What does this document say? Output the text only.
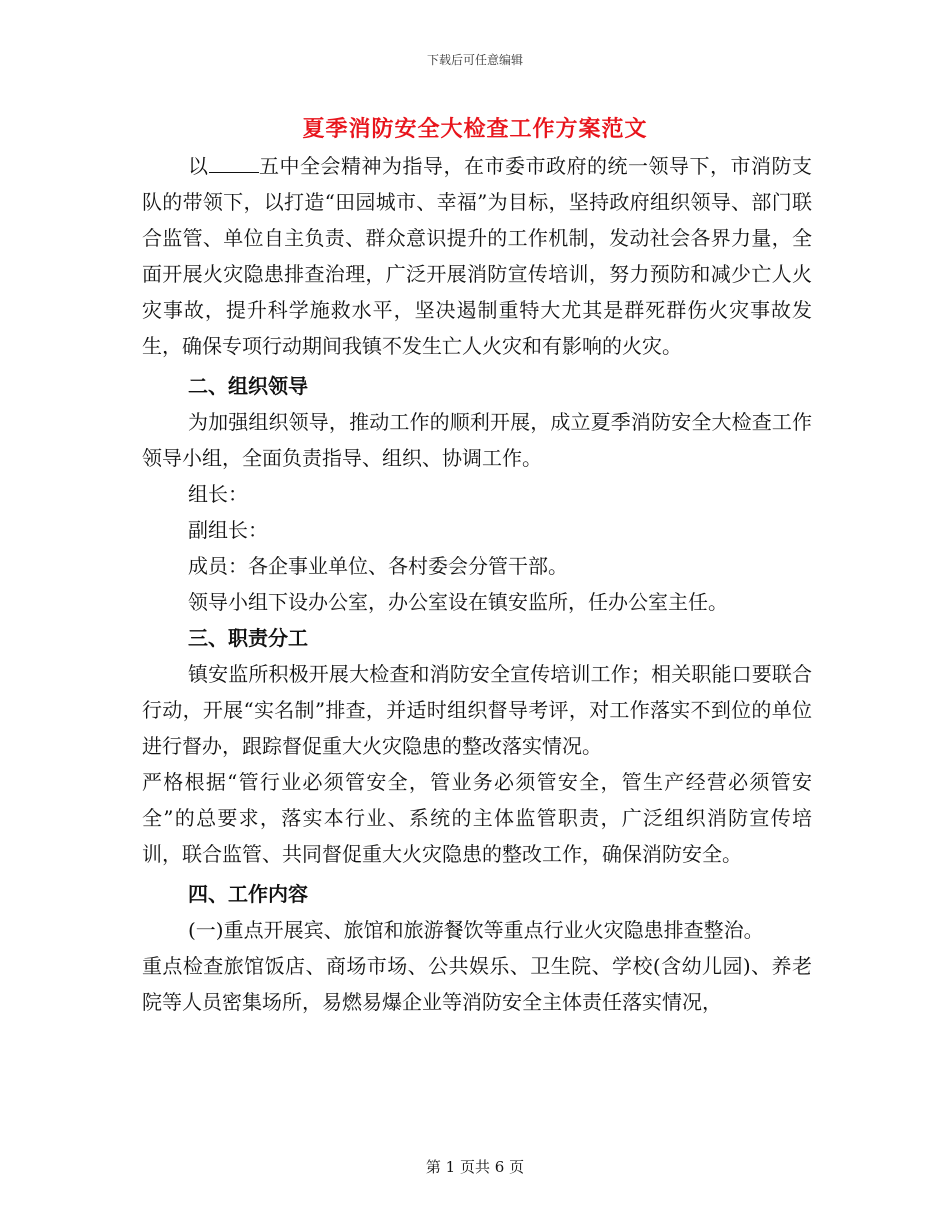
下载后可任意编辑
夏季消防安全大检查工作方案范文

以	五中全会精神为指导，在市委市政府的统一领导下，市消防支队的带领下，以打造“田园城市、幸福”为目标，坚持政府组织领导、部门联合监管、单位自主负责、群众意识提升的工作机制，发动社会各界力量，全面开展火灾隐患排查治理，广泛开展消防宣传培训，努力预防和减少亡人火灾事故，提升科学施救水平，坚决遏制重特大尤其是群死群伤火灾事故发生，确保专项行动期间我镇不发生亡人火灾和有影响的火灾。

二、组织领导

为加强组织领导，推动工作的顺利开展，成立夏季消防安全大检查工作领导小组，全面负责指导、组织、协调工作。

组长：

副组长：

成员：各企事业单位、各村委会分管干部。

领导小组下设办公室，办公室设在镇安监所，任办公室主任。

三、职责分工

镇安监所积极开展大检查和消防安全宣传培训工作；相关职能口要联合行动，开展“实名制”排查，并适时组织督导考评，对工作落实不到位的单位进行督办，跟踪督促重大火灾隐患的整改落实情况。

严格根据“管行业必须管安全，管业务必须管安全，管生产经营必须管安全”的总要求，落实本行业、系统的主体监管职责，广泛组织消防宣传培训，联合监管、共同督促重大火灾隐患的整改工作，确保消防安全。

四、工作内容

(一)重点开展宾、旅馆和旅游餐饮等重点行业火灾隐患排查整治。

重点检查旅馆饭店、商场市场、公共娱乐、卫生院、学校(含幼儿园)、养老院等人员密集场所，易燃易爆企业等消防安全主体责任落实情况，

第 1 页共 6 页
